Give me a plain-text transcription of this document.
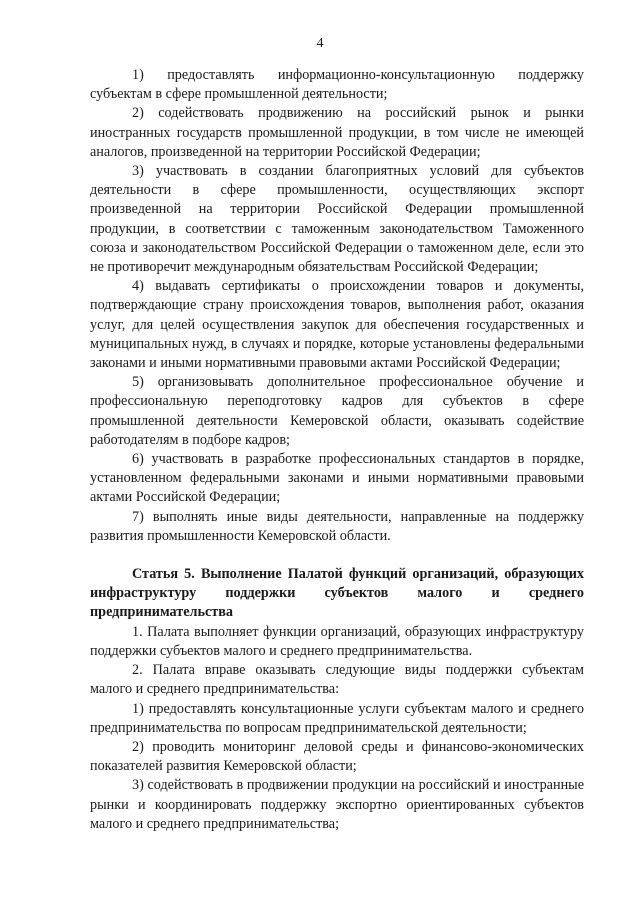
4

1) предоставлять информационно-консультационную поддержку субъектам в сфере промышленной деятельности;

2) содействовать продвижению на российский рынок и рынки иностранных государств промышленной продукции, в том числе не имеющей аналогов, произведенной на территории Российской Федерации;

3) участвовать в создании благоприятных условий для субъектов деятельности в сфере промышленности, осуществляющих экспорт произведенной на территории Российской Федерации промышленной продукции, в соответствии с таможенным законодательством Таможенного союза и законодательством Российской Федерации о таможенном деле, если это не противоречит международным обязательствам Российской Федерации;

4) выдавать сертификаты о происхождении товаров и документы, подтверждающие страну происхождения товаров, выполнения работ, оказания услуг, для целей осуществления закупок для обеспечения государственных и муниципальных нужд, в случаях и порядке, которые установлены федеральными законами и иными нормативными правовыми актами Российской Федерации;

5) организовывать дополнительное профессиональное обучение и профессиональную переподготовку кадров для субъектов в сфере промышленной деятельности Кемеровской области, оказывать содействие работодателям в подборе кадров;

6) участвовать в разработке профессиональных стандартов в порядке, установленном федеральными законами и иными нормативными правовыми актами Российской Федерации;

7) выполнять иные виды деятельности, направленные на поддержку развития промышленности Кемеровской области.

Статья 5. Выполнение Палатой функций организаций, образующих инфраструктуру поддержки субъектов малого и среднего предпринимательства

1. Палата выполняет функции организаций, образующих инфраструктуру поддержки субъектов малого и среднего предпринимательства.

2. Палата вправе оказывать следующие виды поддержки субъектам малого и среднего предпринимательства:

1) предоставлять консультационные услуги субъектам малого и среднего предпринимательства по вопросам предпринимательской деятельности;

2) проводить мониторинг деловой среды и финансово-экономических показателей развития Кемеровской области;

3) содействовать в продвижении продукции на российский и иностранные рынки и координировать поддержку экспортно ориентированных субъектов малого и среднего предпринимательства;
